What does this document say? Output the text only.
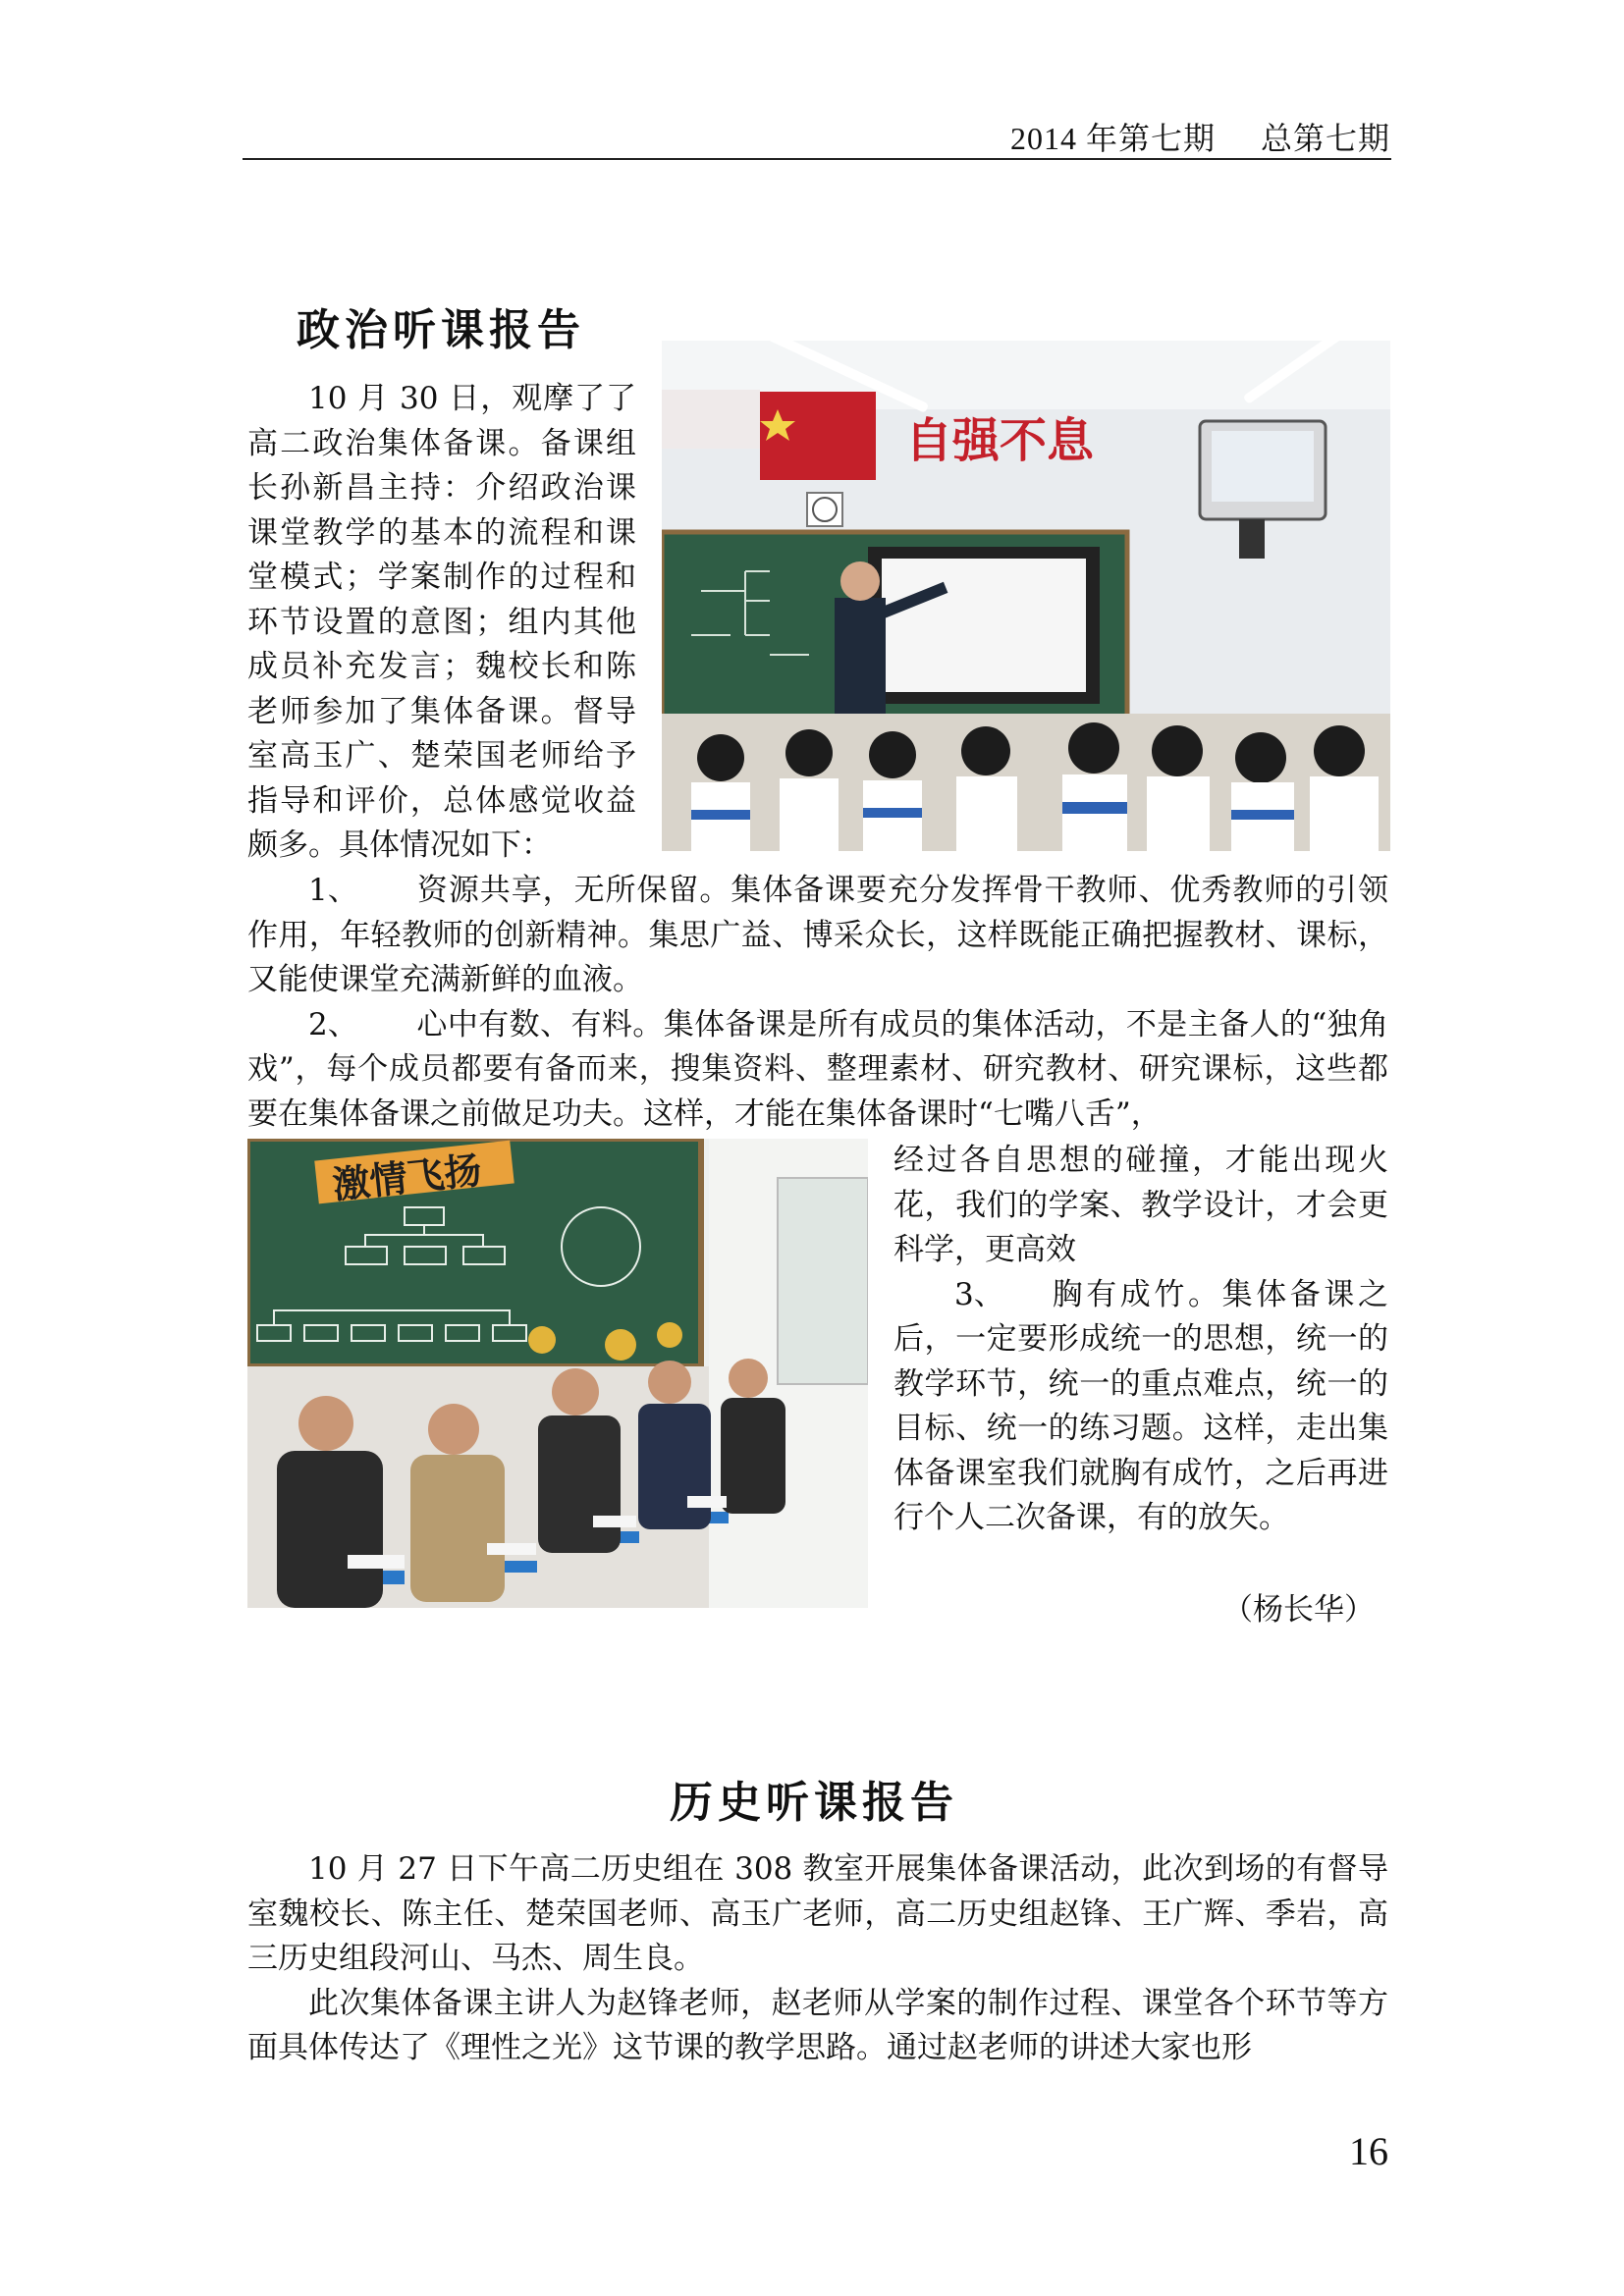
2014 年第七期 总第七期
政治听课报告
自强不息

10 月 30 日，观摩了了高二政治集体备课。备课组长孙新昌主持：介绍政治课课堂教学的基本的流程和课堂模式；学案制作的过程和环节设置的意图；组内其他成员补充发言；魏校长和陈老师参加了集体备课。督导室高玉广、楚荣国老师给予指导和评价，总体感觉收益颇多。具体情况如下：

1、 资源共享，无所保留。集体备课要充分发挥骨干教师、优秀教师的引领作用，年轻教师的创新精神。集思广益、博采众长，这样既能正确把握教材、课标，又能使课堂充满新鲜的血液。

2、 心中有数、有料。集体备课是所有成员的集体活动，不是主备人的“独角戏”，每个成员都要有备而来，搜集资料、整理素材、研究教材、研究课标，这些都要在集体备课之前做足功夫。这样，才能在集体备课时“七嘴八舌”，

激情飞扬	经过各自思想的碰撞，才能出现火花，我们的学案、教学设计，才会更科学，更高效

3、 胸有成竹。集体备课之后，一定要形成统一的思想，统一的教学环节，统一的重点难点，统一的目标、统一的练习题。这样，走出集体备课室我们就胸有成竹，之后再进行个人二次备课，有的放矢。

（杨长华）
历史听课报告

10 月 27 日下午高二历史组在 308 教室开展集体备课活动，此次到场的有督导室魏校长、陈主任、楚荣国老师、高玉广老师，高二历史组赵锋、王广辉、季岩，高三历史组段河山、马杰、周生良。

此次集体备课主讲人为赵锋老师，赵老师从学案的制作过程、课堂各个环节等方面具体传达了《理性之光》这节课的教学思路。通过赵老师的讲述大家也形

16
